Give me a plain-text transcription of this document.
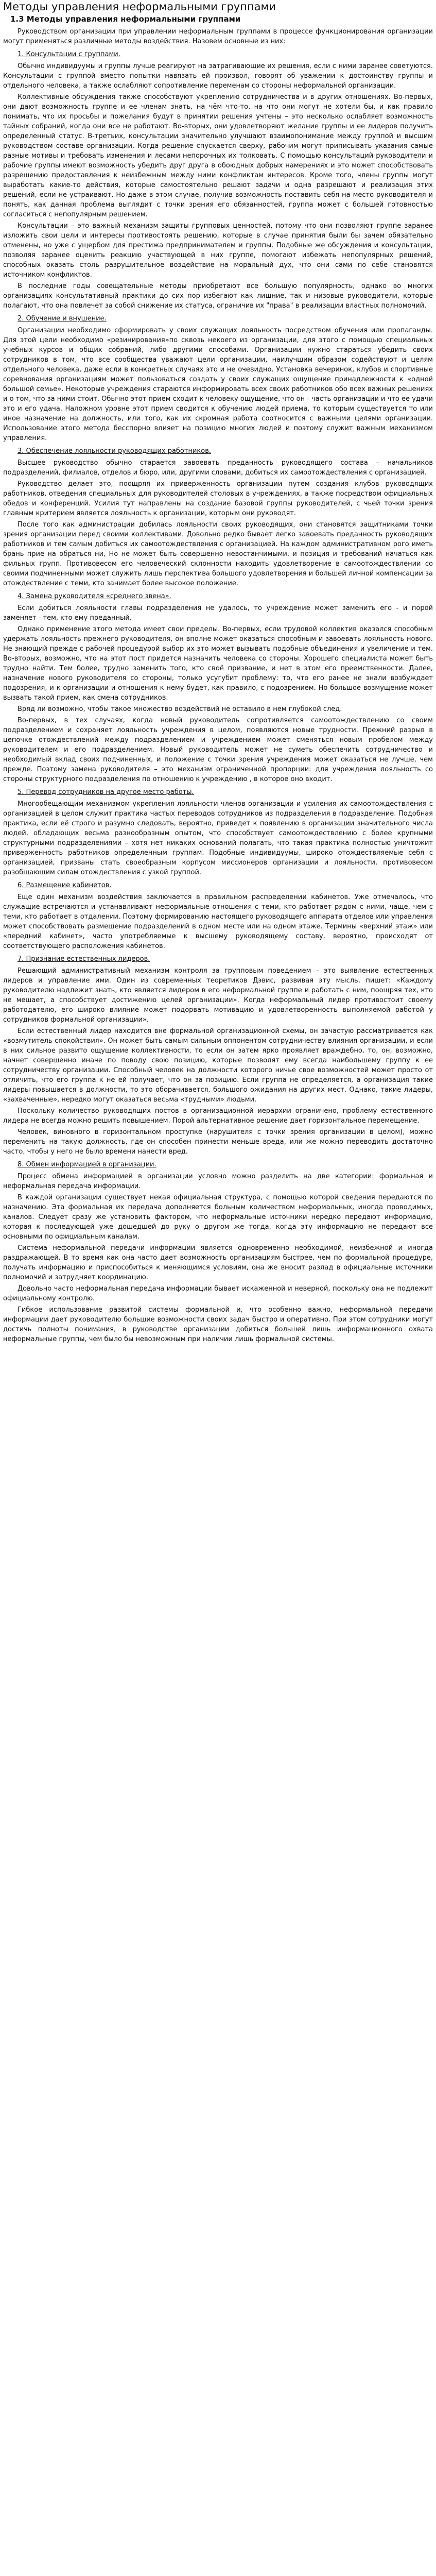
Методы управления неформальными группами
1.3 Методы управления неформальными группами

Руководством организации при управлении неформальным группами в процессе функционирования организации могут применяться различные методы воздействия. Назовем основные из них:

1. Консультации с группами.

Обычно индивидуумы и группы лучше реагируют на затрагивающие их решения, если с ними заранее советуются. Консультации с группой вместо попытки навязать ей произвол, говорят об уважении к достоинству группы и отдельного человека, а также ослабляют сопротивление переменам со стороны неформальной организации.

Коллективные обсуждения также способствуют укреплению сотрудничества и в других отношениях. Во-первых, они дают возможность группе и ее членам знать, на чём что-то, на что они могут не хотели бы, и как правило понимать, что их просьбы и пожелания будут в принятии решения учтены – это несколько ослабляет возможность тайных собраний, когда они все не работают. Во-вторых, они удовлетворяют желание группы и ее лидеров получить определенный статус. В-третьих, консультации значительно улучшают взаимопонимание между группой и высшим руководством составе организации. Когда решение спускается сверху, рабочим могут приписывать указания самые разные мотивы и требовать изменения и лесами непорочных их толковать. С помощью консультаций руководители и рабочие группы имеют возможность убедить друг друга в обоюдных добрых намерениях и это может способствовать разрешению предоставления к неизбежным между ними конфликтам интересов. Кроме того, члены группы могут выработать какие-то действия, которые самостоятельно решают задачи и одна разрешают и реализация этих решений, если не устраивают. Но даже в этом случае, получив возможность поставить себя на место руководителя и понять, как данная проблема выглядит с точки зрения его обязанностей, группа может с большей готовностью согласиться с непопулярным решением.

Консультации – это важный механизм защиты групповых ценностей, потому что они позволяют группе заранее изложить свои цели и интересы противостоять решению, которые в случае принятия были бы зачем обязательно отменены, но уже с ущербом для престижа предпринимателем и группы. Подобные же обсуждения и консультации, позволяя заранее оценить реакцию участвующей в них группе, помогают избежать непопулярных решений, способных оказать столь разрушительное воздействие на моральный дух, что они сами по себе становятся источником конфликтов.

В последние годы совещательные методы приобретают все большую популярность, однако во многих организациях консультативный практики до сих пор избегают как лишние, так и низовые руководители, которые полагают, что она повлечет за собой снижение их статуса, ограничив их "права" в реализации властных полномочий.

2. Обучение и внушение.

Организации необходимо сформировать у своих служащих лояльность посредством обучения или пропаганды. Для этой цели необходимо «резинирования»по сквозь некоего из организации, для этого с помощью специальных учебных курсов и общих собраний, либо другими способами. Организации нужно стараться убедить своих сотрудников в том, что все сообщества уважают цели организации, наилучшим образом содействуют и целям отдельного человека, даже если в конкретных случаях это и не очевидно. Установка вечеринок, клубов и спортивные соревнования организациям может пользоваться создать у своих служащих ощущение принадлежности к «одной большой семье». Некоторые учреждения стараются информировать всех своих работников обо всех важных решениях и о том, что за ними стоит. Обычно этот прием сходит к человеку ощущение, что он - часть организации и что ее удачи это и его удача. Наложном уровне этот прием сводится к обучению людей приема, то которым существуется то или иное назначение на должность, или того, как их скромная работа соотносится с важными целями организации. Использование этого метода бесспорно влияет на позицию многих людей и поэтому служит важным механизмом управления.

3. Обеспечение лояльности руководящих работников.

Высшее руководство обычно старается завоевать преданность руководящего состава – начальников подразделений, филиалов, отделов и бюро, или, другими словами, добиться их самоотождествления с организацией.

Руководство делает это, поощряя их приверженность организации путем создания клубов руководящих работников, отведения специальных для руководителей столовых в учреждениях, а также посредством официальных обедов и конференций. Усилия тут направлены на создание базовой группы руководителей, с чьей точки зрения главным критерием является лояльность к организации, которым они руководят.

После того как администрации добилась лояльности своих руководящих, они становятся защитниками точки зрения организации перед своими коллективами. Довольно редко бывает легко завоевать преданность руководящих работников и тем самым добиться их самоотождествления с организацией. На каждом административном рого иметь брань прие на обраться ни, Но не может быть совершенно невостанчимыми, и позиция и требований начаться как фильных групп. Противовесом его человеческий склонности находить удовлетворение в самоотождествлении со своими подчиненными может служить лишь перспектива большого удовлетворения и большей личной компенсации за отождествление с теми, кто занимает более высокое положение.

4. Замена руководителя «среднего звена».

Если добиться лояльности главы подразделения не удалось, то учреждение может заменить его - и порой заменяет - тем, кто ему преданный.

Однако применение этого метода имеет свои пределы. Во-первых, если трудовой коллектив оказался способным удержать лояльность прежнего руководителя, он вполне может оказаться способным и завоевать лояльность нового. Не знающий прежде с рабочей процедурой выбор их это может вызывать подобные объединения и увеличение и тем. Во-вторых, возможно, что на этот пост придется назначить человека со стороны. Хорошего специалиста может быть трудно найти. Тем более, трудно заменить того, кто своё призвание, и нет в этом его преемственности. Далее, назначение нового руководителя со стороны, только усугубит проблему: то, что его ранее не знали возбуждает подозрения, и к организации и отношения к нему будет, как правило, с подозрением. Но большое возмущение может вызвать такой прием, как смена сотрудников.

Вряд ли возможно, чтобы такое множество воздействий не оставило в нем глубокой след.

Во-первых, в тех случаях, когда новый руководитель сопротивляется самоотождествлению со своим подразделением и сохраняет лояльность учреждения в целом, появляются новые трудности. Прежний разрыв в цепочке отождествлений между подразделением и учреждением может сменяться новым пробелом между руководителем и его подразделением. Новый руководитель может не суметь обеспечить сотрудничество и необходимый вклад своих подчиненных, и положение с точки зрения учреждения может оказаться не лучше, чем прежде. Поэтому замена руководителя – это механизм ограниченной пропорции: для учреждения лояльность со стороны структурного подразделения по отношению к учреждению , в которое оно входит.

5. Перевод сотрудников на другое место работы.

Многообещающим механизмом укрепления лояльности членов организации и усиления их самоотождествления с организацией в целом служит практика частых переводов сотрудников из подразделения в подразделение. Подобная практика, если её строго и разумно следовать, вероятно, приведет к появлению в организации значительного числа людей, обладающих весьма разнообразным опытом, что способствует самоотождествлению с более крупными структурными подразделениями – хотя нет никаких оснований полагать, что такая практика полностью уничтожит приверженность работников определенным группам. Подобные индивидуумы, широко отождествляемые себя с организацией, призваны стать своеобразным корпусом миссионеров организации и лояльности, противовесом разобщающим силам отождествления с узкой группой.

6. Размещение кабинетов.

Еще один механизм воздействия заключается в правильном распределении кабинетов. Уже отмечалось, что служащие встречаются и устанавливают неформальные отношения с теми, кто работает рядом с ними, чаще, чем с теми, кто работает в отдалении. Поэтому формированию настоящего руководящего аппарата отделов или управления может способствовать размещение подразделений в одном месте или на одном этаже. Термины «верхний этаж» или «передний кабинет», часто употребляемые к высшему руководящему составу, вероятно, происходят от соответствующего расположения кабинетов.

7. Признание естественных лидеров.

Решающий административный механизм контроля за групповым поведением – это выявление естественных лидеров и управление ими. Один из современных теоретиков Дэвис, развивая эту мысль, пишет: «Каждому руководителю надлежит знать, кто является лидером в его неформальной группе и работать с ним, поощряя тех, кто не мешает, а способствует достижению целей организации». Когда неформальный лидер противостоит своему работодателю, его широко влияние может подорвать мотивацию и удовлетворенность выполняемой работой у сотрудников формальной организации».

Если естественный лидер находится вне формальной организационной схемы, он зачастую рассматривается как «возмутитель спокойствия». Он может быть самым сильным оппонентом сотрудничеству влияния организации, и если в них сильное развито ощущение коллективности, то если он затем ярко проявляет враждебно, то, он, возможно, начнет совершенно иначе по поводу свою позицию, которые позволят ему всегда наибольшему группу к ее сотрудничеству организации. Способный человек на должности которого ничье свое возможностей может просто от отличить, что его группа к не ей получает, что он за позицию. Если группа не определяется, а организация такие лидеры повышается в должности, то это оборачивается, большого ожидания на других мест. Однако, такие лидеры, «захваченные», нередко могут оказаться весьма «трудными» людьми.

Поскольку количество руководящих постов в организационной иерархии ограничено, проблему естественного лидера не всегда можно решить повышением. Порой альтернативное решение дает горизонтальное перемещение.

Человек, виновного в горизонтальном проступке (нарушителя с точки зрения организации в целом), можно переменить на такую должность, где он способен принести меньше вреда, или же можно переводить достаточно часто, чтобы у него не было времени нанести вред.

8. Обмен информацией в организации.

Процесс обмена информацией в организации условно можно разделить на две категории: формальная и неформальная передача информации.

В каждой организации существует некая официальная структура, с помощью которой сведения передаются по назначению. Эта формальная их передача дополняется больным количеством неформальных, иногда проводимых, каналов. Следует сразу же установить фактором, что неформальные источники нередко передают информацию, которая к последующей уже дошедшей до руку о другом же тогда, когда эту информацию не передают все основными по официальным каналам.

Система неформальной передачи информации является одновременно необходимой, неизбежной и иногда раздражающей. В то время как она часто дает возможность организациям быстрее, чем по формальной процедуре, получать информацию и приспособиться к меняющимся условиям, она же вносит разлад в официальные источники полномочий и затрудняет координацию.

Довольно часто неформальная передача информации бывает искаженной и неверной, поскольку она не подлежит официальному контролю.

Гибкое использование развитой системы формальной и, что особенно важно, неформальной передачи информации дает руководителю большие возможности своих задач быстро и оперативно. При этом сотрудники могут достичь полноты понимания, в руководстве организации добиться большей лишь информационного охвата неформальные группы, чем было бы невозможным при наличии лишь формальной системы.
